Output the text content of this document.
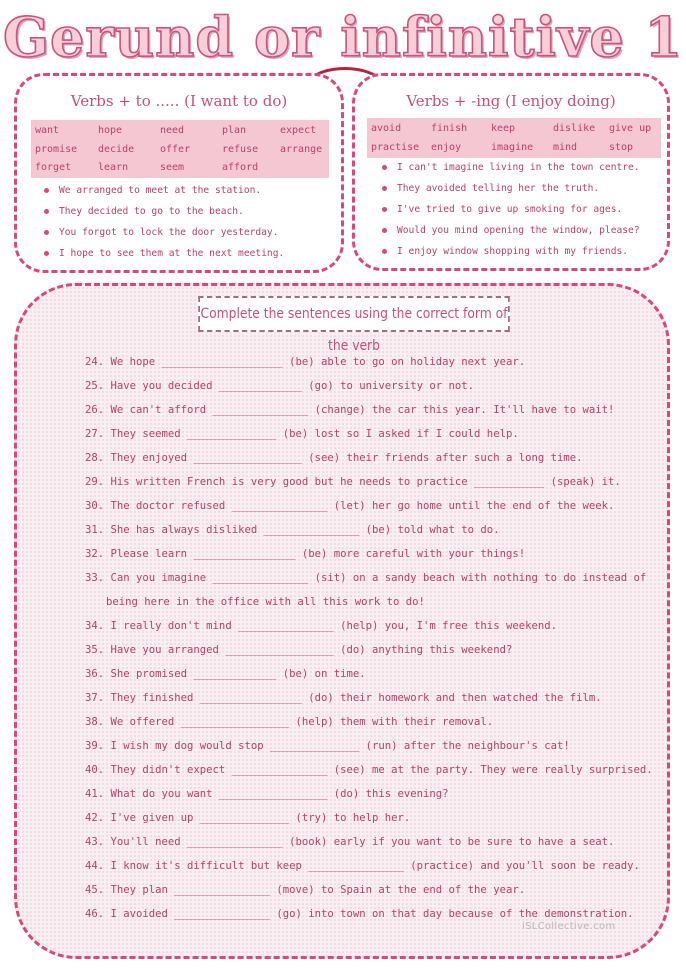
Gerund or infinitive 1
Verbs + to ..... (I want to do)
want	hope	need	plan	expect
promise	decide	offer	refuse	arrange
forget	learn	seem	afford
We arranged to meet at the station.
They decided to go to the beach.
You forgot to lock the door yesterday.
I hope to see them at the next meeting.
Verbs + -ing (I enjoy doing)
avoid	finish	keep	dislike	give up
practise	enjoy	imagine	mind	stop
I can't imagine living in the town centre.
They avoided telling her the truth.
I've tried to give up smoking for ages.
Would you mind opening the window, please?
I enjoy window shopping with my friends.
Complete the sentences using the correct form of the verb
24. We hope ___________________ (be) able to go on holiday next year.
25. Have you decided _____________ (go) to university or not.
26. We can't afford _______________ (change) the car this year. It'll have to wait!
27. They seemed ______________ (be) lost so I asked if I could help.
28. They enjoyed _________________ (see) their friends after such a long time.
29. His written French is very good but he needs to practice ___________ (speak) it.
30. The doctor refused _______________ (let) her go home until the end of the week.
31. She has always disliked _______________ (be) told what to do.
32. Please learn ________________ (be) more careful with your things!
33. Can you imagine _______________ (sit) on a sandy beach with nothing to do instead of
being here in the office with all this work to do!
34. I really don't mind _______________ (help) you, I'm free this weekend.
35. Have you arranged _________________ (do) anything this weekend?
36. She promised _____________ (be) on time.
37. They finished ________________ (do) their homework and then watched the film.
38. We offered _________________ (help) them with their removal.
39. I wish my dog would stop ______________ (run) after the neighbour's cat!
40. They didn't expect _______________ (see) me at the party. They were really surprised.
41. What do you want _________________ (do) this evening?
42. I've given up ______________ (try) to help her.
43. You'll need _______________ (book) early if you want to be sure to have a seat.
44. I know it's difficult but keep _______________ (practice) and you'll soon be ready.
45. They plan _______________ (move) to Spain at the end of the year.
46. I avoided _______________ (go) into town on that day because of the demonstration.
iSLCollective.com
